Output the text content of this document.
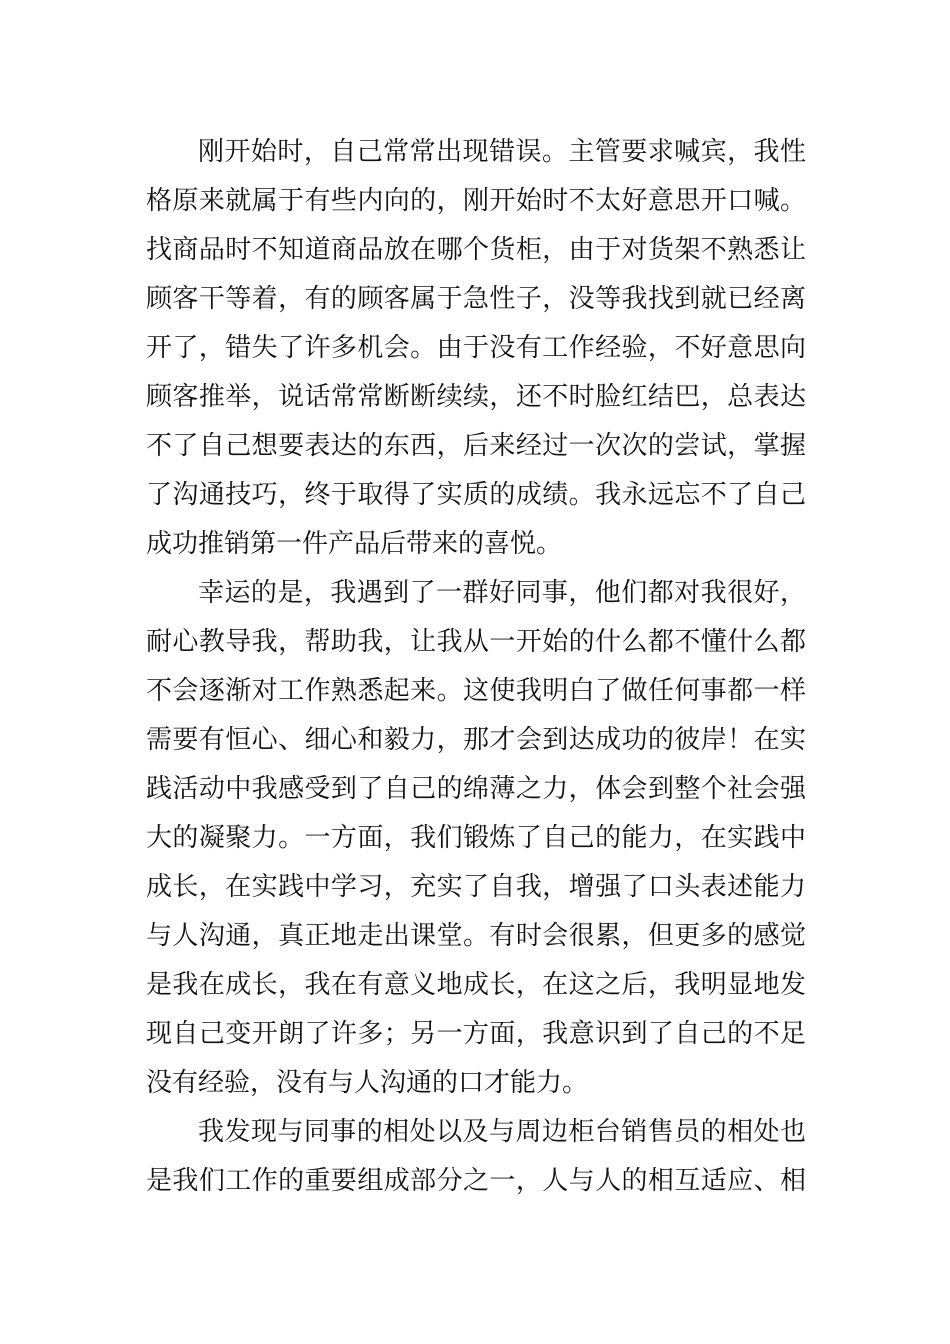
刚开始时，自己常常出现错误。主管要求喊宾，我性
格原来就属于有些内向的，刚开始时不太好意思开口喊。
找商品时不知道商品放在哪个货柜，由于对货架不熟悉让
顾客干等着，有的顾客属于急性子，没等我找到就已经离
开了，错失了许多机会。由于没有工作经验，不好意思向
顾客推举，说话常常断断续续，还不时脸红结巴，总表达
不了自己想要表达的东西，后来经过一次次的尝试，掌握
了沟通技巧，终于取得了实质的成绩。我永远忘不了自己
成功推销第一件产品后带来的喜悦。
幸运的是，我遇到了一群好同事，他们都对我很好，
耐心教导我，帮助我，让我从一开始的什么都不懂什么都
不会逐渐对工作熟悉起来。这使我明白了做任何事都一样
需要有恒心、细心和毅力，那才会到达成功的彼岸！在实
践活动中我感受到了自己的绵薄之力，体会到整个社会强
大的凝聚力。一方面，我们锻炼了自己的能力，在实践中
成长，在实践中学习，充实了自我，增强了口头表述能力
与人沟通，真正地走出课堂。有时会很累，但更多的感觉
是我在成长，我在有意义地成长，在这之后，我明显地发
现自己变开朗了许多；另一方面，我意识到了自己的不足
没有经验，没有与人沟通的口才能力。
我发现与同事的相处以及与周边柜台销售员的相处也
是我们工作的重要组成部分之一，人与人的相互适应、相
